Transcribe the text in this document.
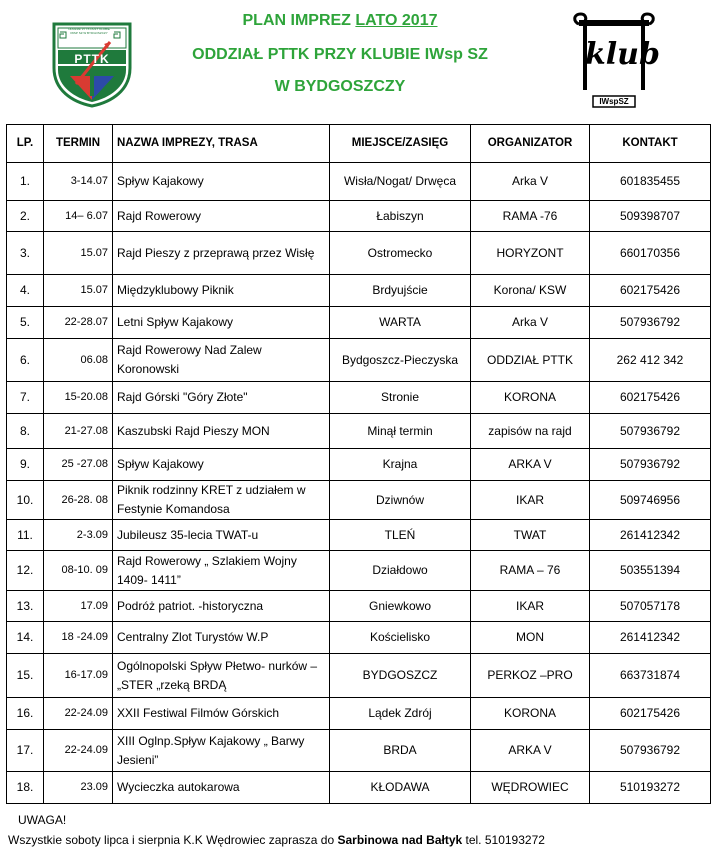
ODDZIAŁ PTTK PRZY KLUBIE IWSP SZ W BYDGOSZCZY
PTTK
PLAN IMPREZ LATO 2017
ODDZIAŁ PTTK PRZY KLUBIE IWsp SZ
W BYDGOSZCZY
klub
IWspSZ
LP.	TERMIN	NAZWA IMPREZY, TRASA	MIEJSCE/ZASIĘG	ORGANIZATOR	KONTAKT
1.	3-14.07	Spływ Kajakowy	Wisła/Nogat/ Drwęca	Arka V	601835455
2.	14– 6.07	Rajd Rowerowy	Łabiszyn	RAMA -76	509398707
3.	15.07	Rajd Pieszy z przeprawą przez Wisłę	Ostromecko	HORYZONT	660170356
4.	15.07	Międzyklubowy Piknik	Brdyujście	Korona/ KSW	602175426
5.	22-28.07	Letni Spływ Kajakowy	WARTA	Arka V	507936792
6.	06.08	Rajd Rowerowy Nad Zalew Koronowski	Bydgoszcz-Pieczyska	ODDZIAŁ PTTK	262 412 342
7.	15-20.08	Rajd Górski "Góry Złote"	Stronie	KORONA	602175426
8.	21-27.08	Kaszubski Rajd Pieszy MON	Minął termin	zapisów na rajd	507936792
9.	25 -27.08	Spływ Kajakowy	Krajna	ARKA V	507936792
10.	26-28. 08	Piknik rodzinny KRET z udziałem w Festynie Komandosa	Dziwnów	IKAR	509746956
11.	2-3.09	Jubileusz 35-lecia TWAT-u	TLEŃ	TWAT	261412342
12.	08-10. 09	Rajd Rowerowy „ Szlakiem Wojny 1409- 1411”	Działdowo	RAMA – 76	503551394
13.	17.09	Podróż patriot. -historyczna	Gniewkowo	IKAR	507057178
14.	18 -24.09	Centralny Zlot Turystów W.P	Kościelisko	MON	261412342
15.	16-17.09	Ogólnopolski Spływ Płetwo- nurków – „STER „rzeką BRDĄ	BYDGOSZCZ	PERKOZ –PRO	663731874
16.	22-24.09	XXII Festiwal Filmów Górskich	Lądek Zdrój	KORONA	602175426
17.	22-24.09	XIII Oglnp.Spływ Kajakowy „ Barwy Jesieni”	BRDA	ARKA V	507936792
18.	23.09	Wycieczka autokarowa	KŁODAWA	WĘDROWIEC	510193272
UWAGA!
Wszystkie soboty lipca i sierpnia K.K Wędrowiec zaprasza do Sarbinowa nad Bałtyk tel. 510193272
